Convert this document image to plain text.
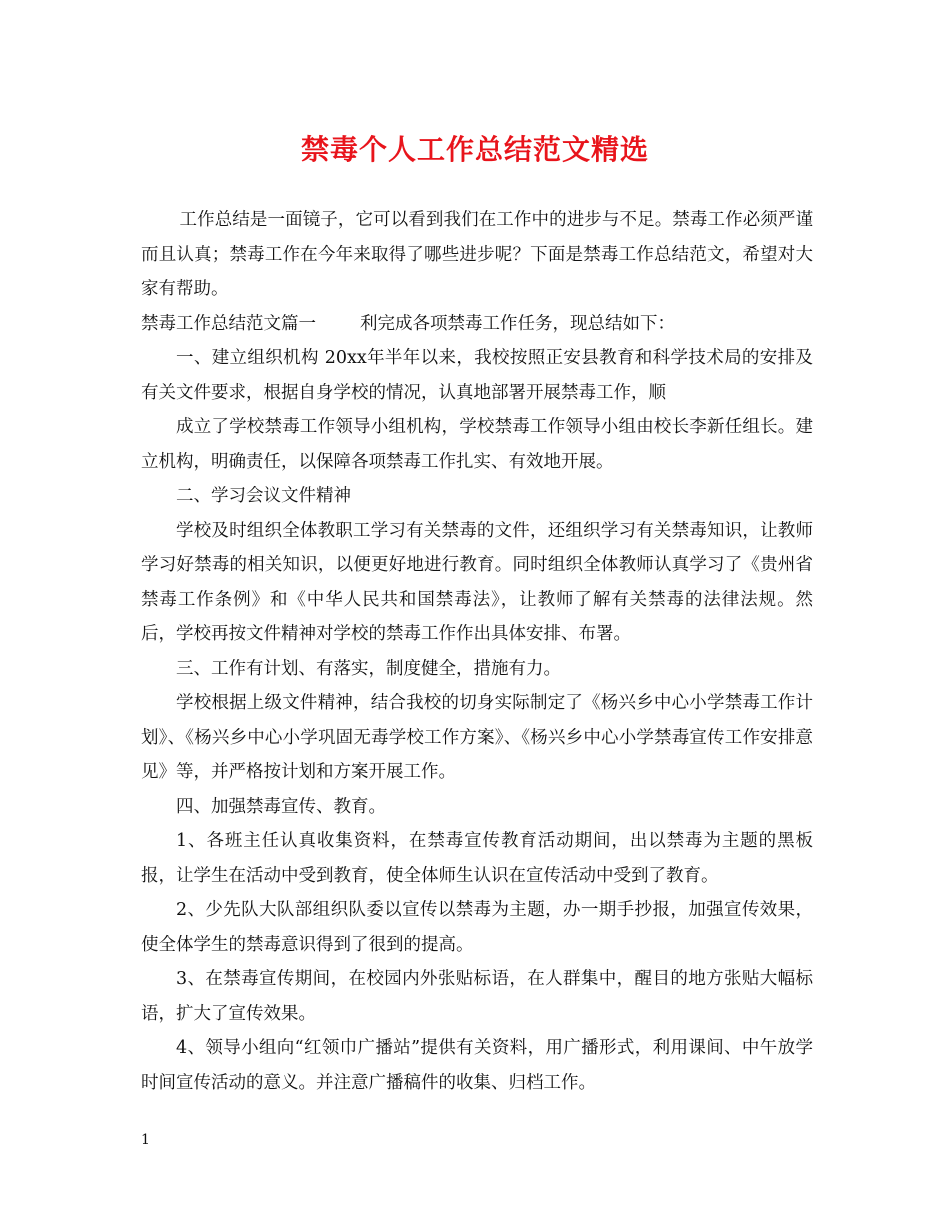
禁毒个人工作总结范文精选

工作总结是一面镜子，它可以看到我们在工作中的进步与不足。禁毒工作必须严谨而且认真；禁毒工作在今年来取得了哪些进步呢？下面是禁毒工作总结范文，希望对大家有帮助。

禁毒工作总结范文篇一	利完成各项禁毒工作任务，现总结如下：

一、建立组织机构 20xx年半年以来，我校按照正安县教育和科学技术局的安排及有关文件要求，根据自身学校的情况，认真地部署开展禁毒工作，顺

成立了学校禁毒工作领导小组机构，学校禁毒工作领导小组由校长李新任组长。建立机构，明确责任，以保障各项禁毒工作扎实、有效地开展。

二、学习会议文件精神

学校及时组织全体教职工学习有关禁毒的文件，还组织学习有关禁毒知识，让教师学习好禁毒的相关知识，以便更好地进行教育。同时组织全体教师认真学习了《贵州省禁毒工作条例》和《中华人民共和国禁毒法》，让教师了解有关禁毒的法律法规。然后，学校再按文件精神对学校的禁毒工作作出具体安排、布署。

三、工作有计划、有落实，制度健全，措施有力。

学校根据上级文件精神，结合我校的切身实际制定了《杨兴乡中心小学禁毒工作计划》、《杨兴乡中心小学巩固无毒学校工作方案》、《杨兴乡中心小学禁毒宣传工作安排意见》等，并严格按计划和方案开展工作。

四、加强禁毒宣传、教育。

1、各班主任认真收集资料，在禁毒宣传教育活动期间，出以禁毒为主题的黑板报，让学生在活动中受到教育，使全体师生认识在宣传活动中受到了教育。

2、少先队大队部组织队委以宣传以禁毒为主题，办一期手抄报，加强宣传效果，使全体学生的禁毒意识得到了很到的提高。

3、在禁毒宣传期间，在校园内外张贴标语，在人群集中，醒目的地方张贴大幅标语，扩大了宣传效果。

4、领导小组向“红领巾广播站”提供有关资料，用广播形式，利用课间、中午放学时间宣传活动的意义。并注意广播稿件的收集、归档工作。

1
